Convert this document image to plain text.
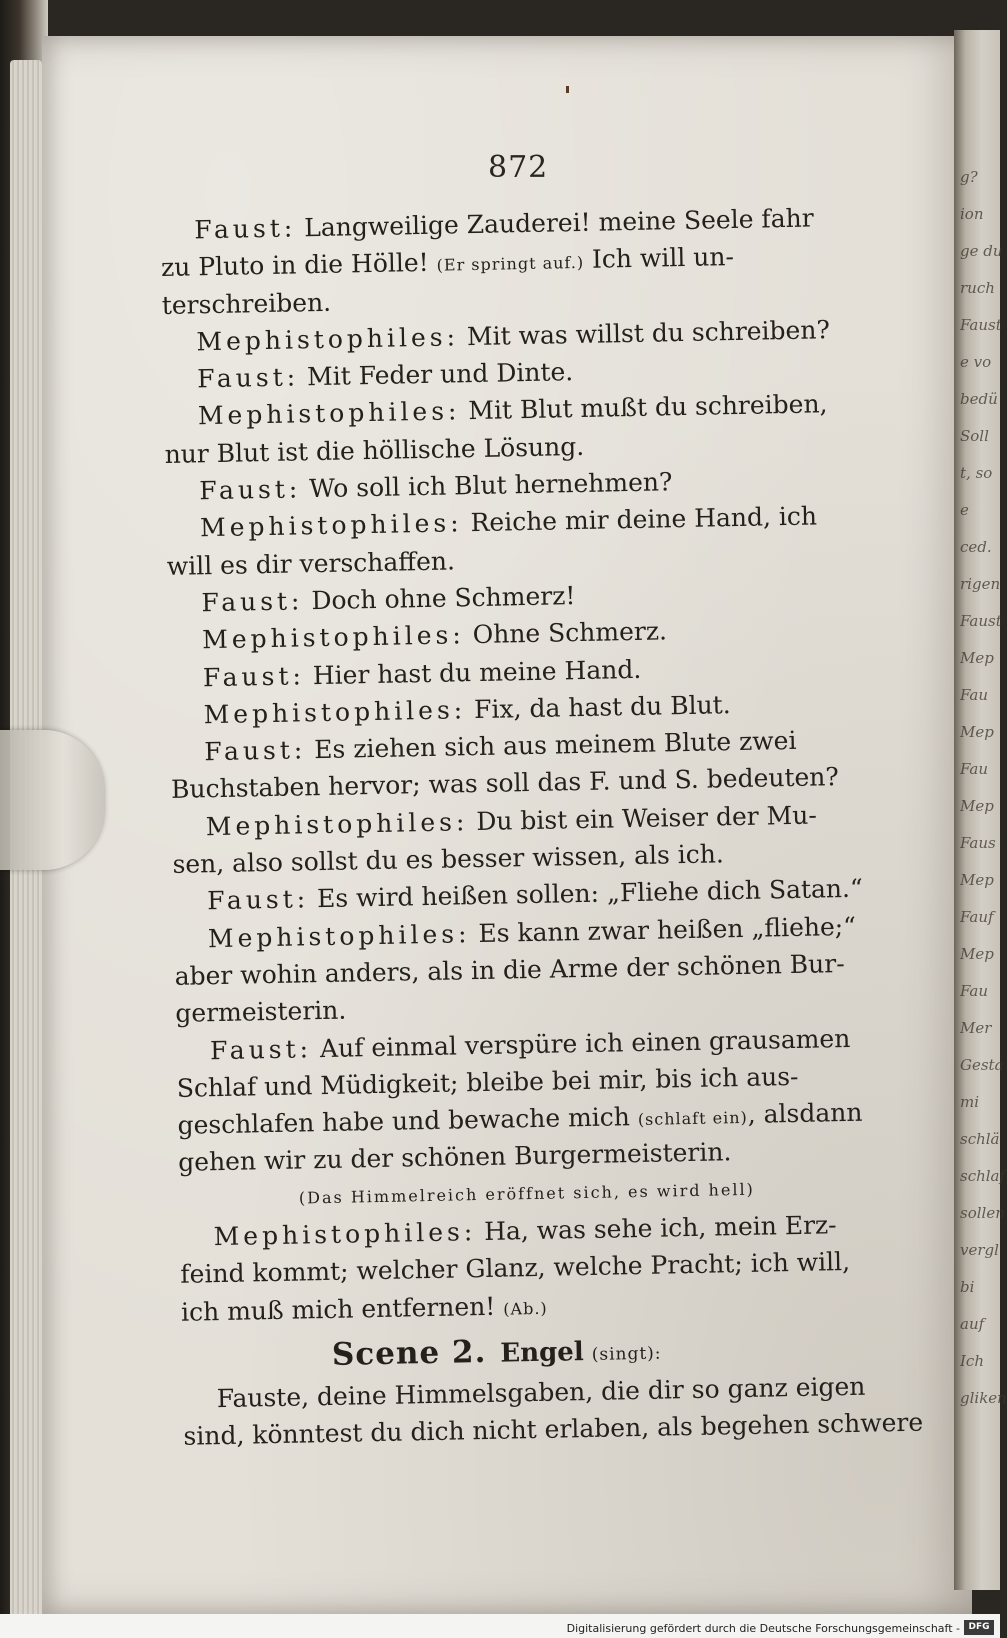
g?
ion
ge du
ruch
Faust
e vo
bedü
Soll
t, so
e
ced.
rigen
Faust
Mep
Fau
Mep
Fau
Mep
Faus
Mep
Fauf
Mep
Fau
Mer
Gesta
mi
schlä
schlaf
sollen
vergl
bi
auf
Ich
gliken
872
Faust: Langweilige Zauderei! meine Seele fahr
zu Pluto in die Hölle! (Er springt auf.) Ich will un-
terschreiben.
Mephistophiles: Mit was willst du schreiben?
Faust: Mit Feder und Dinte.
Mephistophiles: Mit Blut mußt du schreiben,
nur Blut ist die höllische Lösung.
Faust: Wo soll ich Blut hernehmen?
Mephistophiles: Reiche mir deine Hand, ich
will es dir verschaffen.
Faust: Doch ohne Schmerz!
Mephistophiles: Ohne Schmerz.
Faust: Hier hast du meine Hand.
Mephistophiles: Fix, da hast du Blut.
Faust: Es ziehen sich aus meinem Blute zwei
Buchstaben hervor; was soll das F. und S. bedeuten?
Mephistophiles: Du bist ein Weiser der Mu-
sen, also sollst du es besser wissen, als ich.
Faust: Es wird heißen sollen: „Fliehe dich Satan.“
Mephistophiles: Es kann zwar heißen „fliehe;“
aber wohin anders, als in die Arme der schönen Bur-
germeisterin.
Faust: Auf einmal verspüre ich einen grausamen
Schlaf und Müdigkeit; bleibe bei mir, bis ich aus-
geschlafen habe und bewache mich (schlaft ein), alsdann
gehen wir zu der schönen Burgermeisterin.
(Das Himmelreich eröffnet sich, es wird hell)
Mephistophiles: Ha, was sehe ich, mein Erz-
feind kommt; welcher Glanz, welche Pracht; ich will,
ich muß mich entfernen! (Ab.)
Scene 2. Engel (singt):
Fauste, deine Himmelsgaben, die dir so ganz eigen
sind, könntest du dich nicht erlaben, als begehen schwere
Digitalisierung gefördert durch die Deutsche Forschungsgemeinschaft - DFG
